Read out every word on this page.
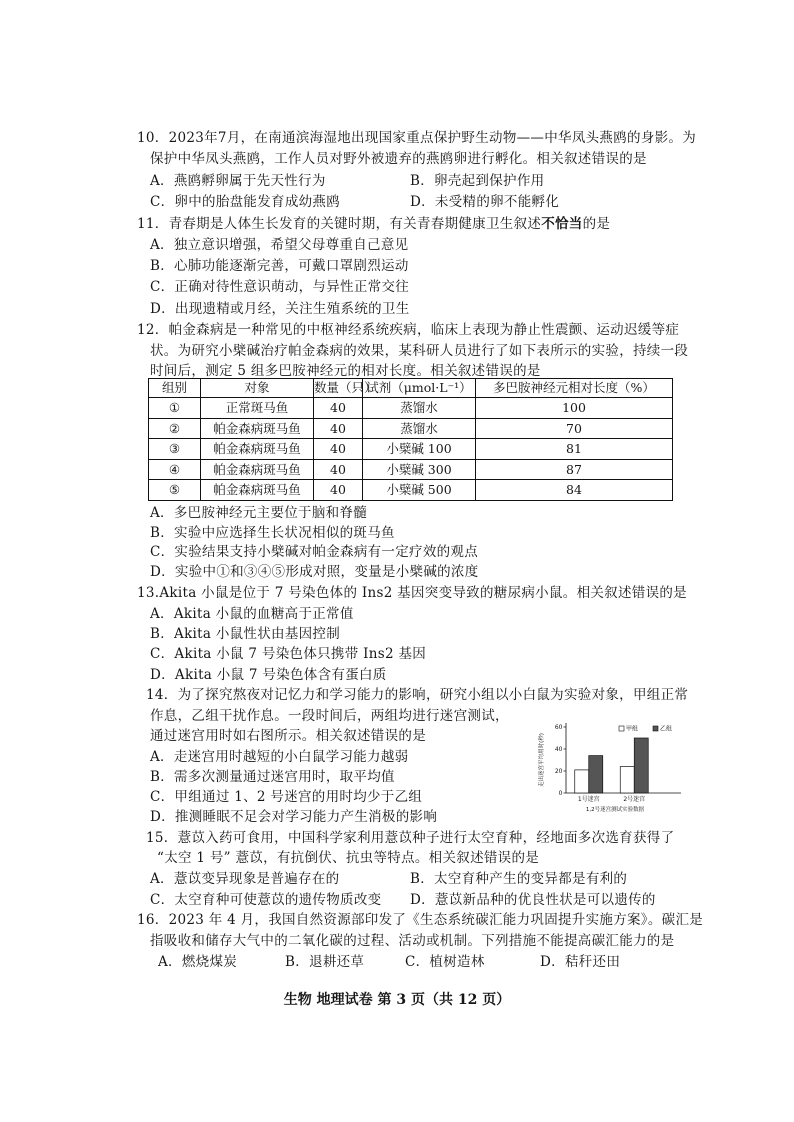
10．2023年7月，在南通滨海湿地出现国家重点保护野生动物——中华凤头燕鸥的身影。为
保护中华凤头燕鸥，工作人员对野外被遗弃的燕鸥卵进行孵化。相关叙述错误的是
A．燕鸥孵卵属于先天性行为	B．卵壳起到保护作用
C．卵中的胎盘能发育成幼燕鸥	D．未受精的卵不能孵化
11．青春期是人体生长发育的关键时期，有关青春期健康卫生叙述不恰当的是
A．独立意识增强，希望父母尊重自己意见
B．心肺功能逐渐完善，可戴口罩剧烈运动
C．正确对待性意识萌动，与异性正常交往
D．出现遗精或月经，关注生殖系统的卫生
12．帕金森病是一种常见的中枢神经系统疾病，临床上表现为静止性震颤、运动迟缓等症
状。为研究小檗碱治疗帕金森病的效果，某科研人员进行了如下表所示的实验，持续一段
时间后，测定 5 组多巴胺神经元的相对长度。相关叙述错误的是
组别	对象	数量（只）	试剂（μmol·L⁻¹）	多巴胺神经元相对长度（%）
①	正常斑马鱼	40	蒸馏水	100
②	帕金森病斑马鱼	40	蒸馏水	70
③	帕金森病斑马鱼	40	小檗碱 100	81
④	帕金森病斑马鱼	40	小檗碱 300	87
⑤	帕金森病斑马鱼	40	小檗碱 500	84
A．多巴胺神经元主要位于脑和脊髓
B．实验中应选择生长状况相似的斑马鱼
C．实验结果支持小檗碱对帕金森病有一定疗效的观点
D．实验中①和③④⑤形成对照，变量是小檗碱的浓度
13.Akita 小鼠是位于 7 号染色体的 Ins2 基因突变导致的糖尿病小鼠。相关叙述错误的是
A．Akita 小鼠的血糖高于正常值
B．Akita 小鼠性状由基因控制
C．Akita 小鼠 7 号染色体只携带 Ins2 基因
D．Akita 小鼠 7 号染色体含有蛋白质
14．为了探究熬夜对记忆力和学习能力的影响，研究小组以小白鼠为实验对象，甲组正常
作息，乙组干扰作息。一段时间后，两组均进行迷宫测试，
通过迷宫用时如右图所示。相关叙述错误的是
A．走迷宫用时越短的小白鼠学习能力越弱
B．需多次测量通过迷宫用时，取平均值
C．甲组通过 1、2 号迷宫的用时均少于乙组
D．推测睡眠不足会对学习能力产生消极的影响
0
20
40
60
1号迷宫	2号迷宫
甲组	乙组
1,2号迷宫测试实验数据
走出迷宫平均用时(秒)
15．薏苡入药可食用，中国科学家利用薏苡种子进行太空育种，经地面多次选育获得了
“太空 1 号” 薏苡，有抗倒伏、抗虫等特点。相关叙述错误的是
A．薏苡变异现象是普遍存在的	B．太空育种产生的变异都是有利的
C．太空育种可使薏苡的遗传物质改变 D．薏苡新品种的优良性状是可以遗传的
16．2023 年 4 月，我国自然资源部印发了《生态系统碳汇能力巩固提升实施方案》。碳汇是
指吸收和储存大气中的二氧化碳的过程、活动或机制。下列措施不能提高碳汇能力的是
A．燃烧煤炭	B．退耕还草	C．植树造林	D．秸秆还田
生物 地理试卷 第 3 页（共 12 页）
